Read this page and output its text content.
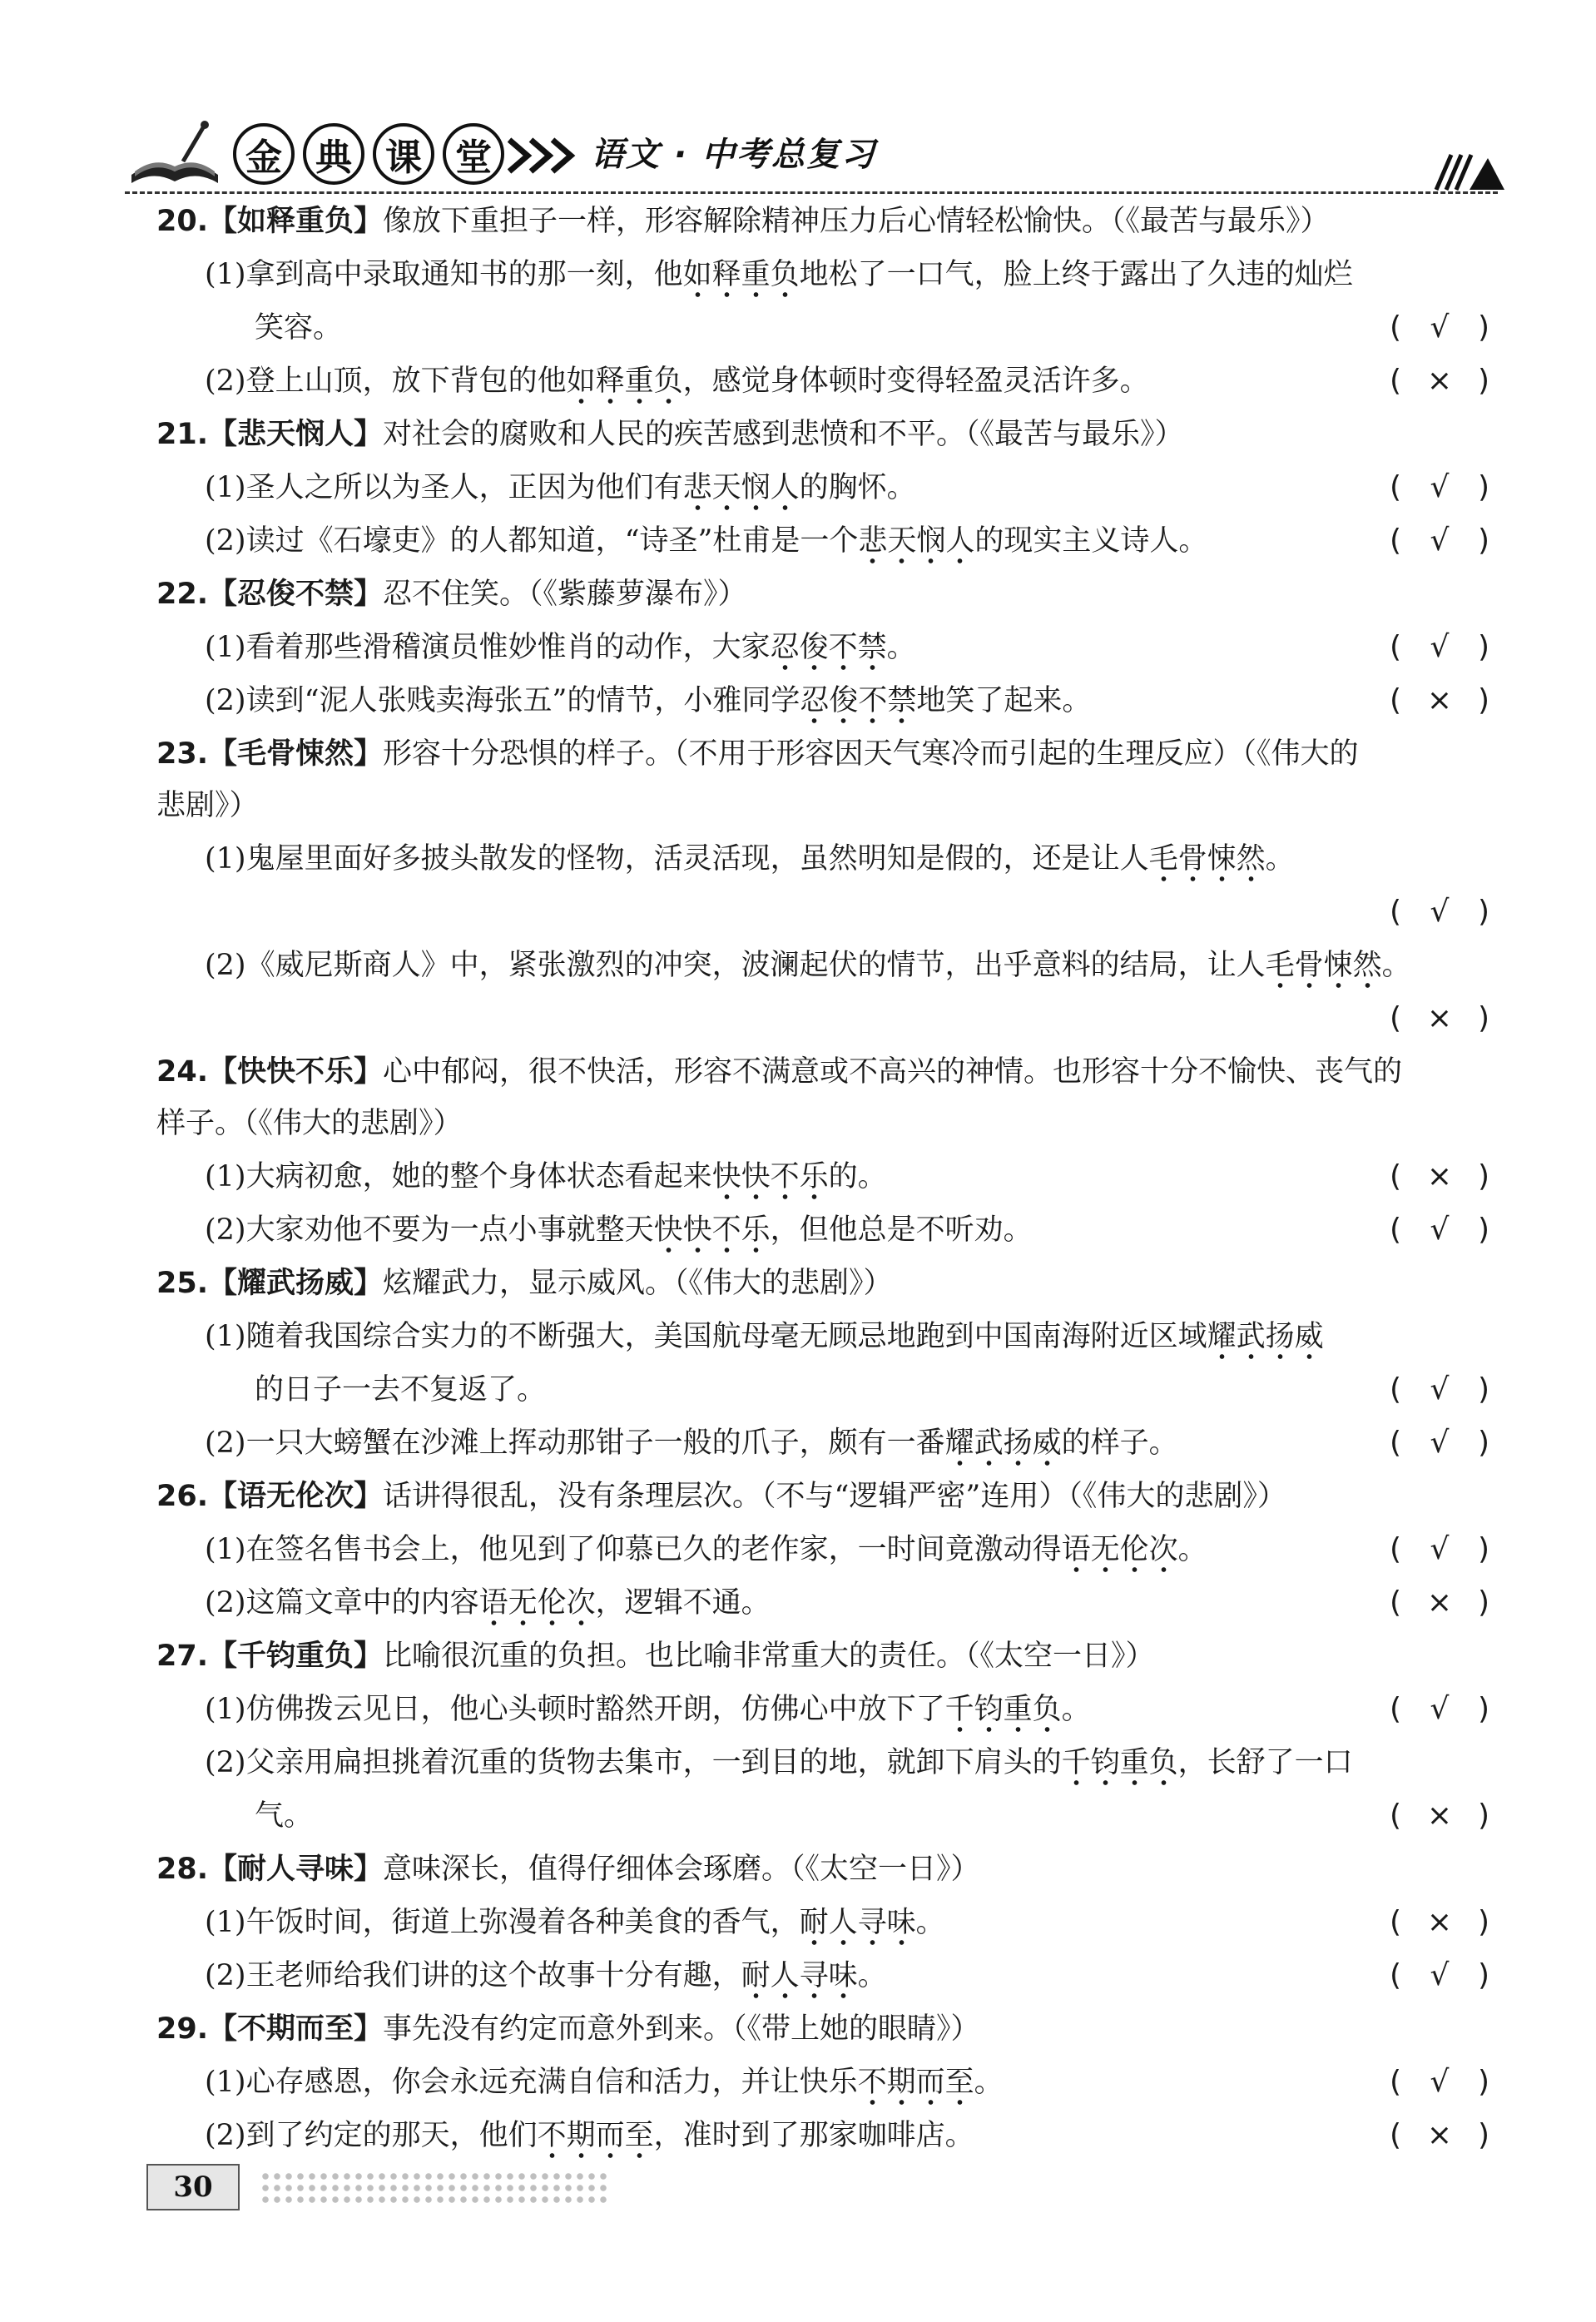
金 典 课 堂	语文 · 中考总复习
20.【如释重负】像放下重担子一样，形容解除精神压力后心情轻松愉快。（《最苦与最乐》）
(1)拿到高中录取通知书的那一刻，他如释重负地松了一口气，脸上终于露出了久违的灿烂
笑容。	( √ )
(2)登上山顶，放下背包的他如释重负，感觉身体顿时变得轻盈灵活许多。	( × )
21.【悲天悯人】对社会的腐败和人民的疾苦感到悲愤和不平。（《最苦与最乐》）
(1)圣人之所以为圣人，正因为他们有悲天悯人的胸怀。	( √ )
(2)读过《石壕吏》的人都知道，“诗圣”杜甫是一个悲天悯人的现实主义诗人。	( √ )
22.【忍俊不禁】忍不住笑。（《紫藤萝瀑布》）
(1)看着那些滑稽演员惟妙惟肖的动作，大家忍俊不禁。	( √ )
(2)读到“泥人张贱卖海张五”的情节，小雅同学忍俊不禁地笑了起来。	( × )
23.【毛骨悚然】形容十分恐惧的样子。（不用于形容因天气寒冷而引起的生理反应）（《伟大的
悲剧》）
(1)鬼屋里面好多披头散发的怪物，活灵活现，虽然明知是假的，还是让人毛骨悚然。
( √ )
(2)《威尼斯商人》中，紧张激烈的冲突，波澜起伏的情节，出乎意料的结局，让人毛骨悚然。
( × )
24.【快快不乐】心中郁闷，很不快活，形容不满意或不高兴的神情。也形容十分不愉快、丧气的
样子。（《伟大的悲剧》）
(1)大病初愈，她的整个身体状态看起来快快不乐的。	( × )
(2)大家劝他不要为一点小事就整天快快不乐，但他总是不听劝。	( √ )
25.【耀武扬威】炫耀武力，显示威风。（《伟大的悲剧》）
(1)随着我国综合实力的不断强大，美国航母毫无顾忌地跑到中国南海附近区域耀武扬威
的日子一去不复返了。	( √ )
(2)一只大螃蟹在沙滩上挥动那钳子一般的爪子，颇有一番耀武扬威的样子。	( √ )
26.【语无伦次】话讲得很乱，没有条理层次。（不与“逻辑严密”连用）（《伟大的悲剧》）
(1)在签名售书会上，他见到了仰慕已久的老作家，一时间竟激动得语无伦次。	( √ )
(2)这篇文章中的内容语无伦次，逻辑不通。	( × )
27.【千钧重负】比喻很沉重的负担。也比喻非常重大的责任。（《太空一日》）
(1)仿佛拨云见日，他心头顿时豁然开朗，仿佛心中放下了千钧重负。	( √ )
(2)父亲用扁担挑着沉重的货物去集市，一到目的地，就卸下肩头的千钧重负，长舒了一口
气。	( × )
28.【耐人寻味】意味深长，值得仔细体会琢磨。（《太空一日》）
(1)午饭时间，街道上弥漫着各种美食的香气，耐人寻味。	( × )
(2)王老师给我们讲的这个故事十分有趣，耐人寻味。	( √ )
29.【不期而至】事先没有约定而意外到来。（《带上她的眼睛》）
(1)心存感恩，你会永远充满自信和活力，并让快乐不期而至。	( √ )
(2)到了约定的那天，他们不期而至，准时到了那家咖啡店。	( × )
30
